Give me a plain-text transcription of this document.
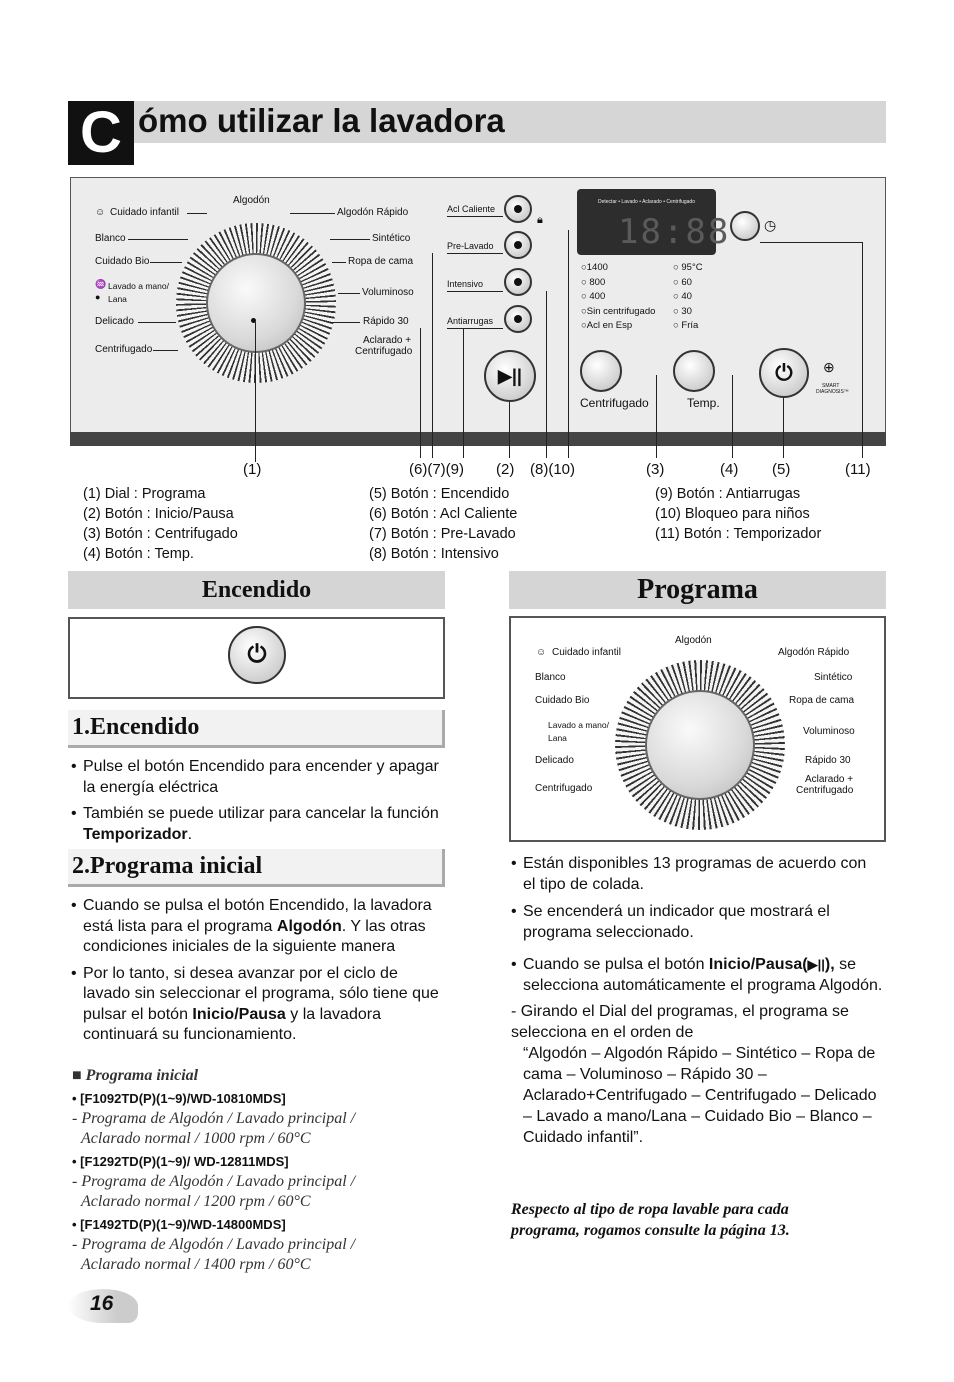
C ómo utilizar la lavadora
Algodón
☺ Cuidado infantil
Blanco
Cuidado Bio
Lavado a mano/
♒
● Lana
Delicado
Centrifugado
Algodón Rápido
Sintético
Ropa de cama
Voluminoso
Rápido 30
Aclarado +
Centrifugado
Acl Caliente
Pre-Lavado
Intensivo
Antiarrugas
🔒︎
▶||
Detectar • Lavado • Aclarado • Centrifugado
18:88
○1400
○ 800
○ 400
○Sin centrifugado
○Acl en Esp
○ 95°C
○ 60
○ 40
○ 30
○ Fría
◷
Centrifugado	Temp.
⏻	⊕
SMART
DIAGNOSIS™
(1)	(6)(7)(9) (2) (8)(10)	(3)	(4) (5)	(11)
(1) Dial : Programa
(2) Botón : Inicio/Pausa
(3) Botón : Centrifugado
(4) Botón : Temp.
(5) Botón : Encendido
(6) Botón : Acl Caliente
(7) Botón : Pre-Lavado
(8) Botón : Intensivo
(9) Botón : Antiarrugas
(10) Bloqueo para niños
(11) Botón : Temporizador
Encendido
⏻
1.Encendido
• Pulse el botón Encendido para encender y apagar la energía eléctrica
• También se puede utilizar para cancelar la función Temporizador.
2.Programa inicial
• Cuando se pulsa el botón Encendido, la lavadora está lista para el programa Algodón. Y las otras condiciones iniciales de la siguiente manera
• Por lo tanto, si desea avanzar por el ciclo de lavado sin seleccionar el programa, sólo tiene que pulsar el botón Inicio/Pausa y la lavadora continuará su funcionamiento.
■ Programa inicial
• [F1092TD(P)(1~9)/WD-10810MDS]
- Programa de Algodón / Lavado principal /
Aclarado normal / 1000 rpm / 60°C
• [F1292TD(P)(1~9)/ WD-12811MDS]
- Programa de Algodón / Lavado principal /
Aclarado normal / 1200 rpm / 60°C
• [F1492TD(P)(1~9)/WD-14800MDS]
- Programa de Algodón / Lavado principal /
Aclarado normal / 1400 rpm / 60°C
Programa
Algodón
Cuidado infantil
☺
Blanco
Cuidado Bio
Lavado a mano/
Lana
Delicado
Centrifugado
Algodón Rápido
Sintético
Ropa de cama
Voluminoso
Rápido 30
Aclarado +
Centrifugado
• Están disponibles 13 programas de acuerdo con el tipo de colada.
• Se encenderá un indicador que mostrará el programa seleccionado.
• Cuando se pulsa el botón Inicio/Pausa(▶||), se selecciona automáticamente el programa Algodón.
- Girando el Dial del programas, el programa se selecciona en el orden de
“Algodón – Algodón Rápido – Sintético – Ropa de cama – Voluminoso – Rápido 30 – Aclarado+Centrifugado – Centrifugado – Delicado – Lavado a mano/Lana – Cuidado Bio – Blanco – Cuidado infantil”.
Respecto al tipo de ropa lavable para cada programa, rogamos consulte la página 13.
16
